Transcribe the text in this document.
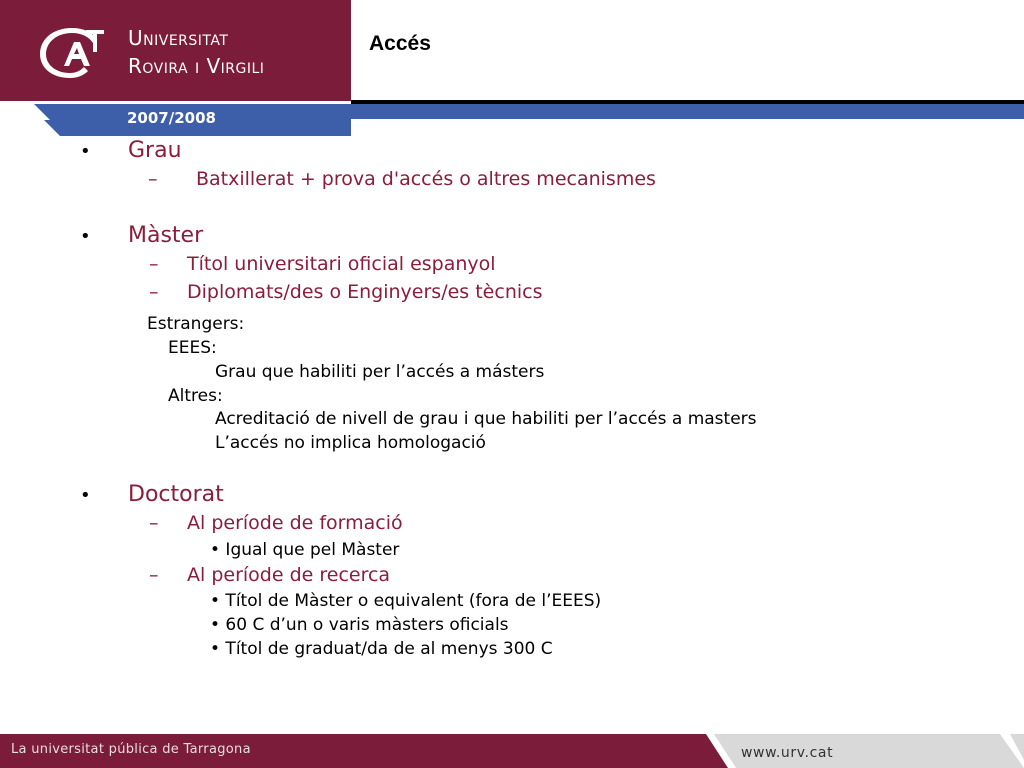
Universitat
Rovira i Virgili
Accés
2007/2008
• Grau
– Batxillerat + prova d'accés o altres mecanismes
• Màster
– Títol universitari oficial espanyol
– Diplomats/des o Enginyers/es tècnics
Estrangers:
EEES:
Grau que habiliti per l’accés a másters
Altres:
Acreditació de nivell de grau i que habiliti per l’accés a masters
L’accés no implica homologació
• Doctorat
– Al període de formació
• Igual que pel Màster
– Al període de recerca
• Títol de Màster o equivalent (fora de l’EEES)
• 60 C d’un o varis màsters oficials
• Títol de graduat/da de al menys 300 C
La universitat pública de Tarragona	www.urv.cat
